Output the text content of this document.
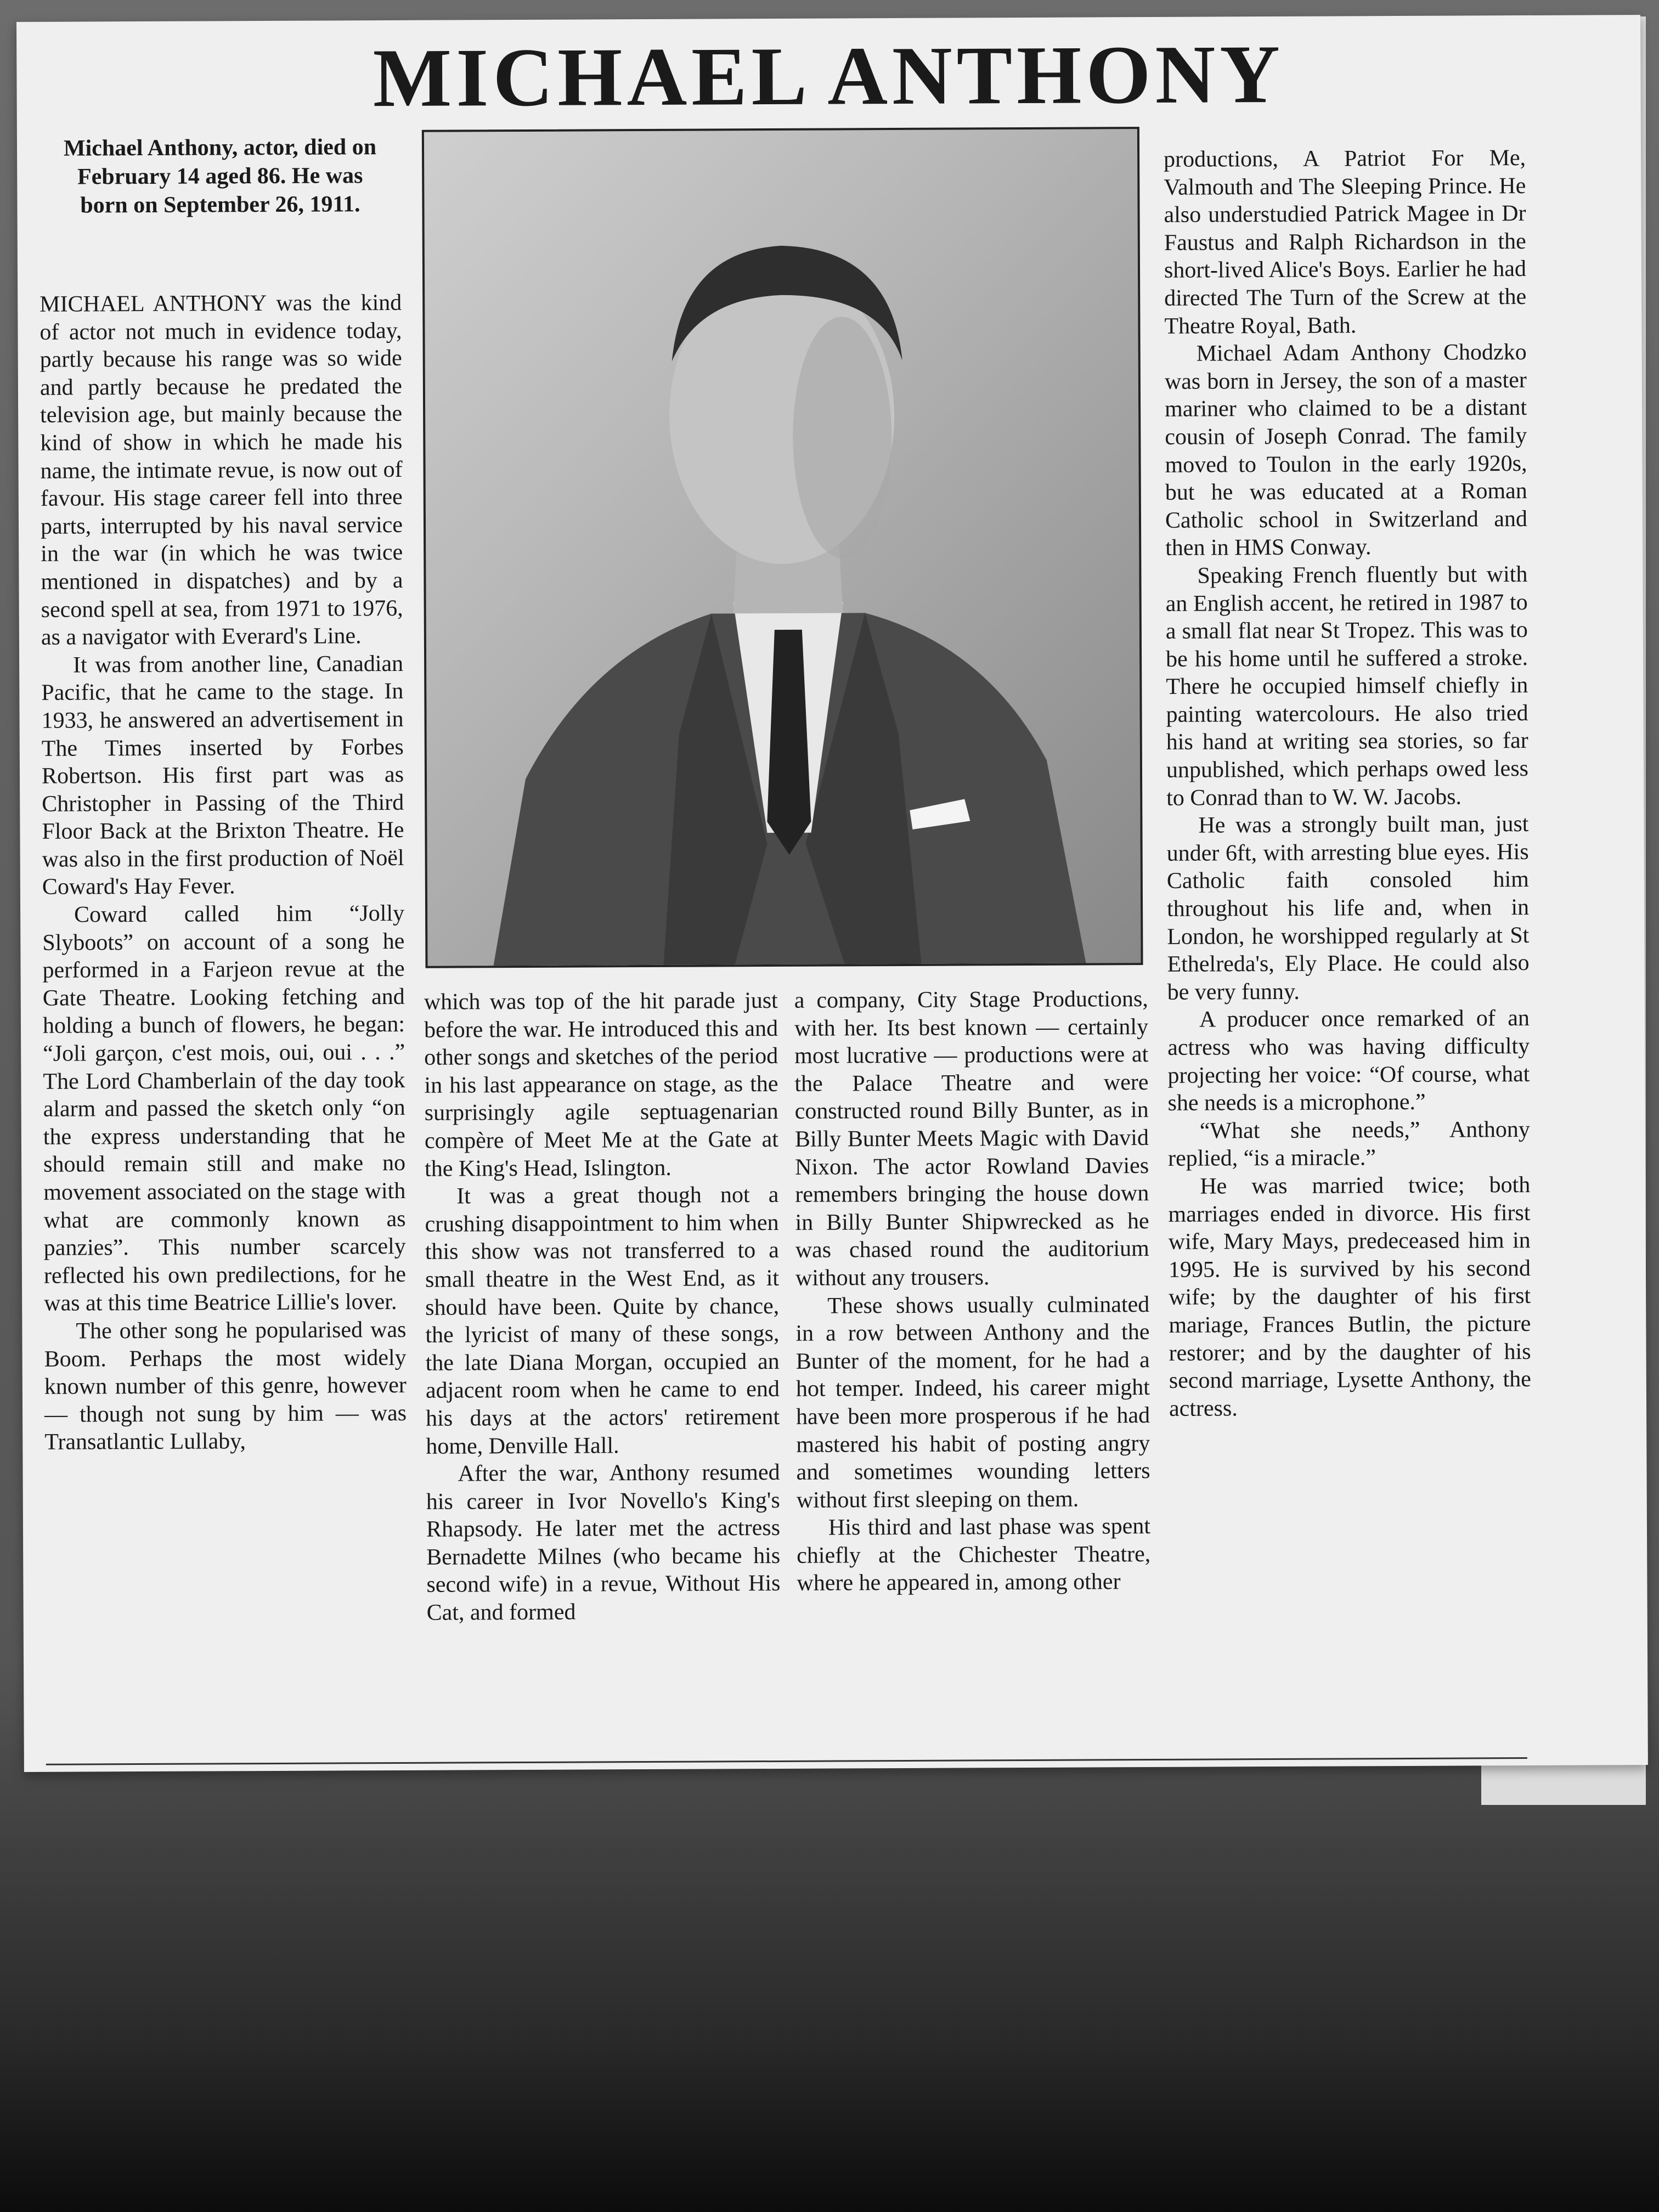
MICHAEL ANTHONY
Michael Anthony, actor, died on February 14 aged 86. He was born on September 26, 1911.

MICHAEL ANTHONY was the kind of actor not much in evidence today, partly because his range was so wide and partly because he predated the television age, but mainly because the kind of show in which he made his name, the intimate revue, is now out of favour. His stage career fell into three parts, interrupted by his naval service in the war (in which he was twice mentioned in dispatches) and by a second spell at sea, from 1971 to 1976, as a navigator with Everard's Line.

It was from another line, Canadian Pacific, that he came to the stage. In 1933, he answered an advertisement in The Times inserted by Forbes Robertson. His first part was as Christopher in Passing of the Third Floor Back at the Brixton Theatre. He was also in the first production of Noël Coward's Hay Fever.

Coward called him “Jolly Slyboots” on account of a song he performed in a Farjeon revue at the Gate Theatre. Looking fetching and holding a bunch of flowers, he began: “Joli garçon, c'est mois, oui, oui . . .” The Lord Chamberlain of the day took alarm and passed the sketch only “on the express understanding that he should remain still and make no movement associated on the stage with what are commonly known as panzies”. This number scarcely reflected his own predilections, for he was at this time Beatrice Lillie's lover.

The other song he popularised was Boom. Perhaps the most widely known number of this genre, however — though not sung by him — was Transatlantic Lullaby,

which was top of the hit parade just before the war. He introduced this and other songs and sketches of the period in his last appearance on stage, as the surprisingly agile septuagenarian compère of Meet Me at the Gate at the King's Head, Islington.

It was a great though not a crushing disappointment to him when this show was not transferred to a small theatre in the West End, as it should have been. Quite by chance, the lyricist of many of these songs, the late Diana Morgan, occupied an adjacent room when he came to end his days at the actors' retirement home, Denville Hall.

After the war, Anthony resumed his career in Ivor Novello's King's Rhapsody. He later met the actress Bernadette Milnes (who became his second wife) in a revue, Without His Cat, and formed

a company, City Stage Productions, with her. Its best known — certainly most lucrative — productions were at the Palace Theatre and were constructed round Billy Bunter, as in Billy Bunter Meets Magic with David Nixon. The actor Rowland Davies remembers bringing the house down in Billy Bunter Shipwrecked as he was chased round the auditorium without any trousers.

These shows usually culminated in a row between Anthony and the Bunter of the moment, for he had a hot temper. Indeed, his career might have been more prosperous if he had mastered his habit of posting angry and sometimes wounding letters without first sleeping on them.

His third and last phase was spent chiefly at the Chichester Theatre, where he appeared in, among other

productions, A Patriot For Me, Valmouth and The Sleeping Prince. He also understudied Patrick Magee in Dr Faustus and Ralph Richardson in the short-lived Alice's Boys. Earlier he had directed The Turn of the Screw at the Theatre Royal, Bath.

Michael Adam Anthony Chodzko was born in Jersey, the son of a master mariner who claimed to be a distant cousin of Joseph Conrad. The family moved to Toulon in the early 1920s, but he was educated at a Roman Catholic school in Switzerland and then in HMS Conway.

Speaking French fluently but with an English accent, he retired in 1987 to a small flat near St Tropez. This was to be his home until he suffered a stroke. There he occupied himself chiefly in painting watercolours. He also tried his hand at writing sea stories, so far unpublished, which perhaps owed less to Conrad than to W. W. Jacobs.

He was a strongly built man, just under 6ft, with arresting blue eyes. His Catholic faith consoled him throughout his life and, when in London, he worshipped regularly at St Ethelreda's, Ely Place. He could also be very funny.

A producer once remarked of an actress who was having difficulty projecting her voice: “Of course, what she needs is a microphone.”

“What she needs,” Anthony replied, “is a miracle.”

He was married twice; both marriages ended in divorce. His first wife, Mary Mays, predeceased him in 1995. He is survived by his second wife; by the daughter of his first mariage, Frances Butlin, the picture restorer; and by the daughter of his second marriage, Lysette Anthony, the actress.
